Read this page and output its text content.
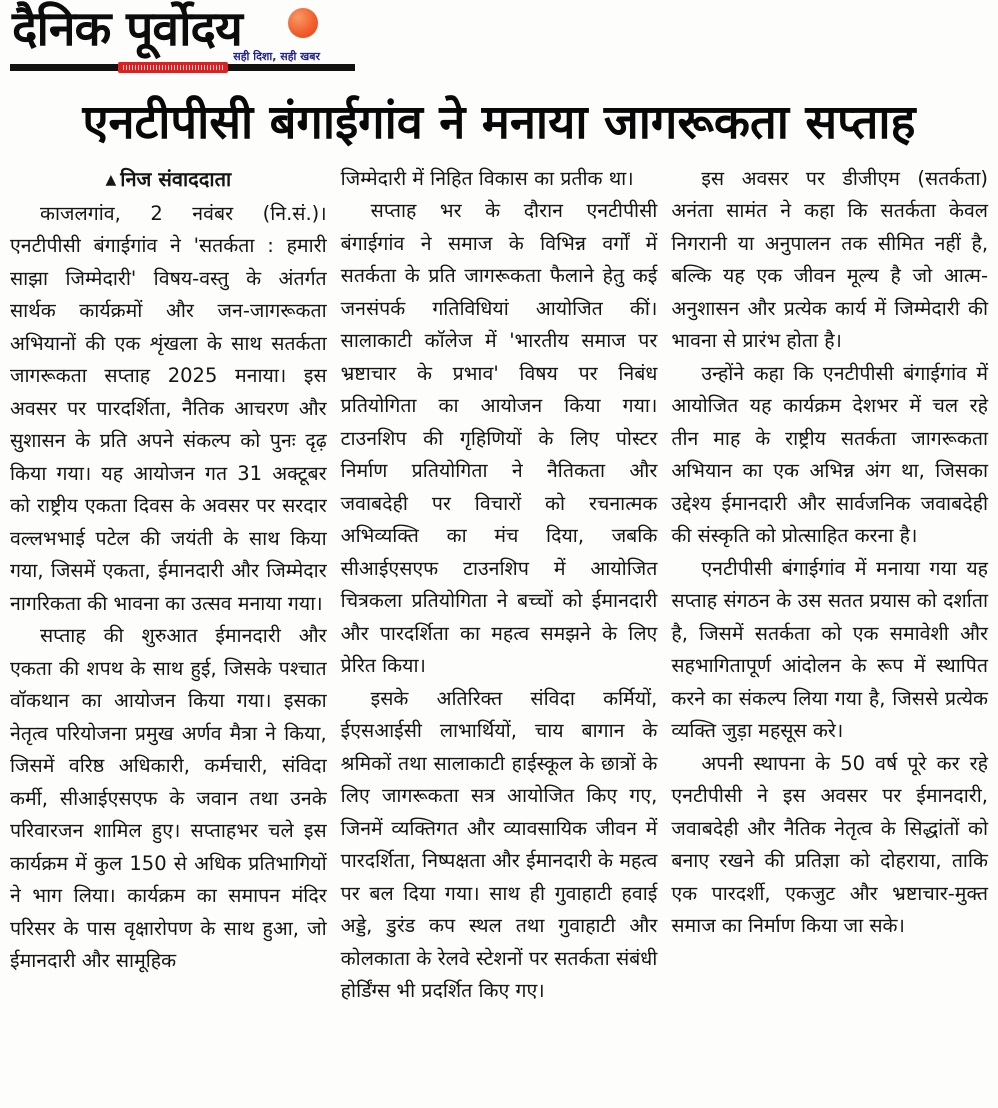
दैनिक पूर्वोदय
सही दिशा, सही खबर
एनटीपीसी बंगाईगांव ने मनाया जागरूकता सप्ताह
▲ निज संवाददाता

काजलगांव, 2 नवंबर (नि.सं.)। एनटीपीसी बंगाईगांव ने 'सतर्कता : हमारी साझा जिम्मेदारी' विषय-वस्तु के अंतर्गत सार्थक कार्यक्रमों और जन-जागरूकता अभियानों की एक शृंखला के साथ सतर्कता जागरूकता सप्ताह 2025 मनाया। इस अवसर पर पारदर्शिता, नैतिक आचरण और सुशासन के प्रति अपने संकल्प को पुनः दृढ़ किया गया। यह आयोजन गत 31 अक्टूबर को राष्ट्रीय एकता दिवस के अवसर पर सरदार वल्लभभाई पटेल की जयंती के साथ किया गया, जिसमें एकता, ईमानदारी और जिम्मेदार नागरिकता की भावना का उत्सव मनाया गया।

सप्ताह की शुरुआत ईमानदारी और एकता की शपथ के साथ हुई, जिसके पश्चात वॉकथान का आयोजन किया गया। इसका नेतृत्व परियोजना प्रमुख अर्णव मैत्रा ने किया, जिसमें वरिष्ठ अधिकारी, कर्मचारी, संविदा कर्मी, सीआईएसएफ के जवान तथा उनके परिवारजन शामिल हुए। सप्ताहभर चले इस कार्यक्रम में कुल 150 से अधिक प्रतिभागियों ने भाग लिया। कार्यक्रम का समापन मंदिर परिसर के पास वृक्षारोपण के साथ हुआ, जो ईमानदारी और सामूहिक

जिम्मेदारी में निहित विकास का प्रतीक था।

सप्ताह भर के दौरान एनटीपीसी बंगाईगांव ने समाज के विभिन्न वर्गों में सतर्कता के प्रति जागरूकता फैलाने हेतु कई जनसंपर्क गतिविधियां आयोजित कीं। सालाकाटी कॉलेज में 'भारतीय समाज पर भ्रष्टाचार के प्रभाव' विषय पर निबंध प्रतियोगिता का आयोजन किया गया। टाउनशिप की गृहिणियों के लिए पोस्टर निर्माण प्रतियोगिता ने नैतिकता और जवाबदेही पर विचारों को रचनात्मक अभिव्यक्ति का मंच दिया, जबकि सीआईएसएफ टाउनशिप में आयोजित चित्रकला प्रतियोगिता ने बच्चों को ईमानदारी और पारदर्शिता का महत्व समझने के लिए प्रेरित किया।

इसके अतिरिक्त संविदा कर्मियों, ईएसआईसी लाभार्थियों, चाय बागान के श्रमिकों तथा सालाकाटी हाईस्कूल के छात्रों के लिए जागरूकता सत्र आयोजित किए गए, जिनमें व्यक्तिगत और व्यावसायिक जीवन में पारदर्शिता, निष्पक्षता और ईमानदारी के महत्व पर बल दिया गया। साथ ही गुवाहाटी हवाई अड्डे, डुरंड कप स्थल तथा गुवाहाटी और कोलकाता के रेलवे स्टेशनों पर सतर्कता संबंधी होर्डिंग्स भी प्रदर्शित किए गए।

इस अवसर पर डीजीएम (सतर्कता) अनंता सामंत ने कहा कि सतर्कता केवल निगरानी या अनुपालन तक सीमित नहीं है, बल्कि यह एक जीवन मूल्य है जो आत्म-अनुशासन और प्रत्येक कार्य में जिम्मेदारी की भावना से प्रारंभ होता है।

उन्होंने कहा कि एनटीपीसी बंगाईगांव में आयोजित यह कार्यक्रम देशभर में चल रहे तीन माह के राष्ट्रीय सतर्कता जागरूकता अभियान का एक अभिन्न अंग था, जिसका उद्देश्य ईमानदारी और सार्वजनिक जवाबदेही की संस्कृति को प्रोत्साहित करना है।

एनटीपीसी बंगाईगांव में मनाया गया यह सप्ताह संगठन के उस सतत प्रयास को दर्शाता है, जिसमें सतर्कता को एक समावेशी और सहभागितापूर्ण आंदोलन के रूप में स्थापित करने का संकल्प लिया गया है, जिससे प्रत्येक व्यक्ति जुड़ा महसूस करे।

अपनी स्थापना के 50 वर्ष पूरे कर रहे एनटीपीसी ने इस अवसर पर ईमानदारी, जवाबदेही और नैतिक नेतृत्व के सिद्धांतों को बनाए रखने की प्रतिज्ञा को दोहराया, ताकि एक पारदर्शी, एकजुट और भ्रष्टाचार-मुक्त समाज का निर्माण किया जा सके।
